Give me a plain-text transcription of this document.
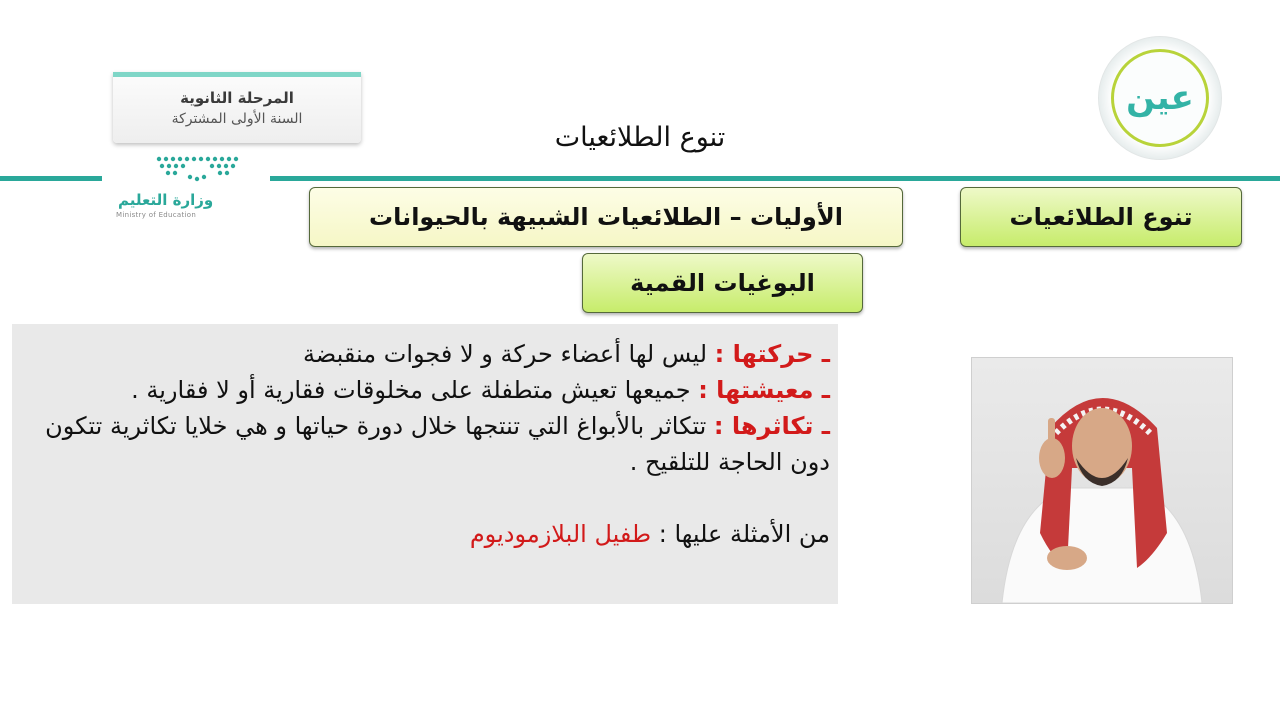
المرحلة الثانوية
السنة الأولى المشتركة
وزارة التعليم
Ministry of Education
تنوع الطلائعيات
عين
تنوع الطلائعيات
الأوليات – الطلائعيات الشبيهة بالحيوانات
البوغيات القمية

ـ حركتها : ليس لها أعضاء حركة و لا فجوات منقبضة

ـ معيشتها : جميعها تعيش متطفلة على مخلوقات فقارية أو لا فقارية .

ـ تكاثرها : تتكاثر بالأبواغ التي تنتجها خلال دورة حياتها و هي خلايا تكاثرية تتكون دون الحاجة للتلقيح .

من الأمثلة عليها : طفيل البلازموديوم
